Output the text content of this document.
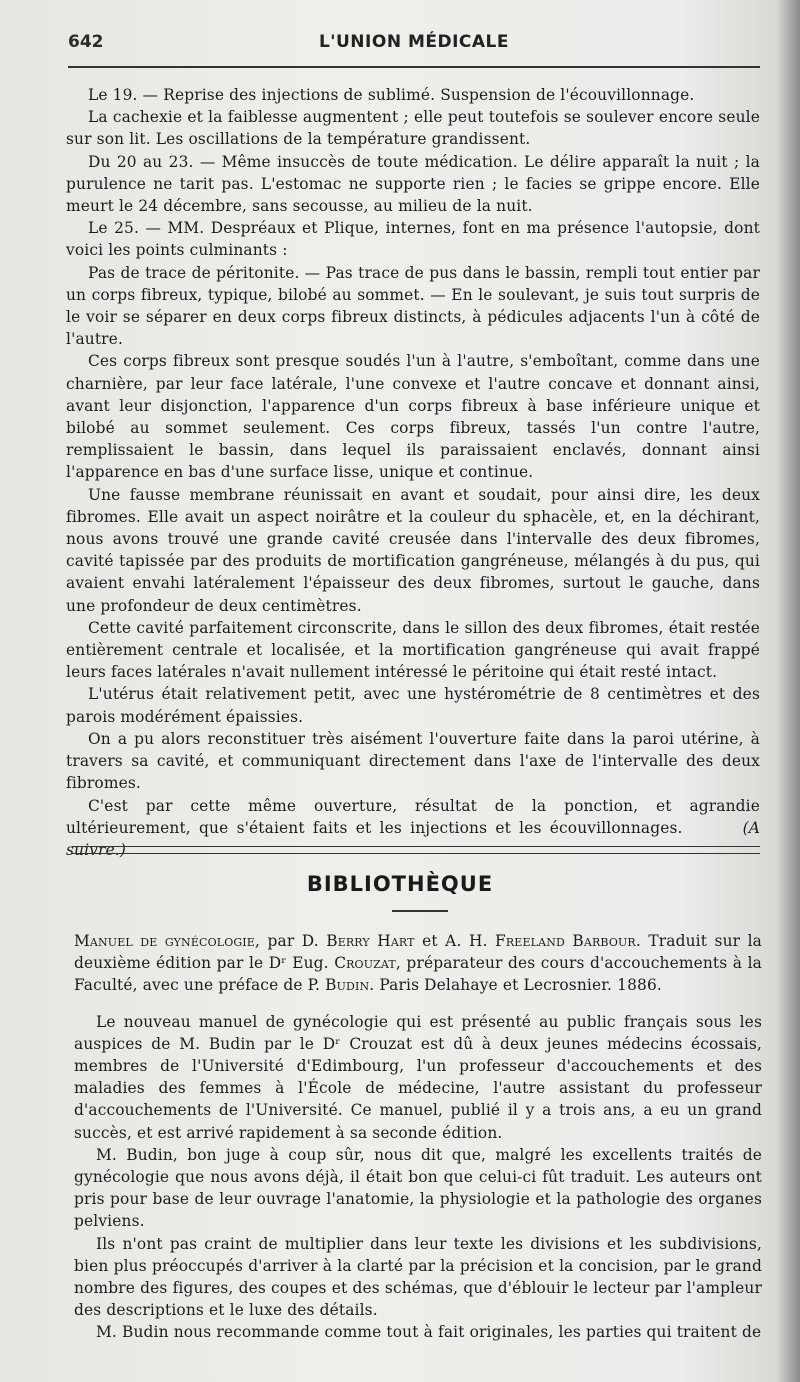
642	L'UNION MÉDICALE

Le 19. — Reprise des injections de sublimé. Suspension de l'écouvillonnage.

La cachexie et la faiblesse augmentent ; elle peut toutefois se soulever encore seule sur son lit. Les oscillations de la température grandissent.

Du 20 au 23. — Même insuccès de toute médication. Le délire apparaît la nuit ; la purulence ne tarit pas. L'estomac ne supporte rien ; le facies se grippe encore. Elle meurt le 24 décembre, sans secousse, au milieu de la nuit.

Le 25. — MM. Despréaux et Plique, internes, font en ma présence l'autopsie, dont voici les points culminants :

Pas de trace de péritonite. — Pas trace de pus dans le bassin, rempli tout entier par un corps fibreux, typique, bilobé au sommet. — En le soulevant, je suis tout surpris de le voir se séparer en deux corps fibreux distincts, à pédicules adjacents l'un à côté de l'autre.

Ces corps fibreux sont presque soudés l'un à l'autre, s'emboîtant, comme dans une charnière, par leur face latérale, l'une convexe et l'autre concave et donnant ainsi, avant leur disjonction, l'apparence d'un corps fibreux à base inférieure unique et bilobé au sommet seulement. Ces corps fibreux, tassés l'un contre l'autre, remplissaient le bassin, dans lequel ils paraissaient enclavés, donnant ainsi l'apparence en bas d'une surface lisse, unique et continue.

Une fausse membrane réunissait en avant et soudait, pour ainsi dire, les deux fibromes. Elle avait un aspect noirâtre et la couleur du sphacèle, et, en la déchirant, nous avons trouvé une grande cavité creusée dans l'intervalle des deux fibromes, cavité tapissée par des produits de mortification gangréneuse, mélangés à du pus, qui avaient envahi latéralement l'épaisseur des deux fibromes, surtout le gauche, dans une profondeur de deux centimètres.

Cette cavité parfaitement circonscrite, dans le sillon des deux fibromes, était restée entièrement centrale et localisée, et la mortification gangréneuse qui avait frappé leurs faces latérales n'avait nullement intéressé le péritoine qui était resté intact.

L'utérus était relativement petit, avec une hystérométrie de 8 centimètres et des parois modérément épaissies.

On a pu alors reconstituer très aisément l'ouverture faite dans la paroi utérine, à travers sa cavité, et communiquant directement dans l'axe de l'intervalle des deux fibromes.

C'est par cette même ouverture, résultat de la ponction, et agrandie ultérieurement, que s'étaient faits et les injections et les écouvillonnages.	(A suivre.)

BIBLIOTHÈQUE

Manuel de gynécologie, par D. Berry Hart et A. H. Freeland Barbour. Traduit sur la deuxième édition par le Dʳ Eug. Crouzat, préparateur des cours d'accouchements à la Faculté, avec une préface de P. Budin. Paris Delahaye et Lecrosnier. 1886.

Le nouveau manuel de gynécologie qui est présenté au public français sous les auspices de M. Budin par le Dʳ Crouzat est dû à deux jeunes médecins écossais, membres de l'Université d'Edimbourg, l'un professeur d'accouchements et des maladies des femmes à l'École de médecine, l'autre assistant du professeur d'accouchements de l'Université. Ce manuel, publié il y a trois ans, a eu un grand succès, et est arrivé rapidement à sa seconde édition.

M. Budin, bon juge à coup sûr, nous dit que, malgré les excellents traités de gynécologie que nous avons déjà, il était bon que celui-ci fût traduit. Les auteurs ont pris pour base de leur ouvrage l'anatomie, la physiologie et la pathologie des organes pelviens.

Ils n'ont pas craint de multiplier dans leur texte les divisions et les subdivisions, bien plus préoccupés d'arriver à la clarté par la précision et la concision, par le grand nombre des figures, des coupes et des schémas, que d'éblouir le lecteur par l'ampleur des descriptions et le luxe des détails.

M. Budin nous recommande comme tout à fait originales, les parties qui traitent de
